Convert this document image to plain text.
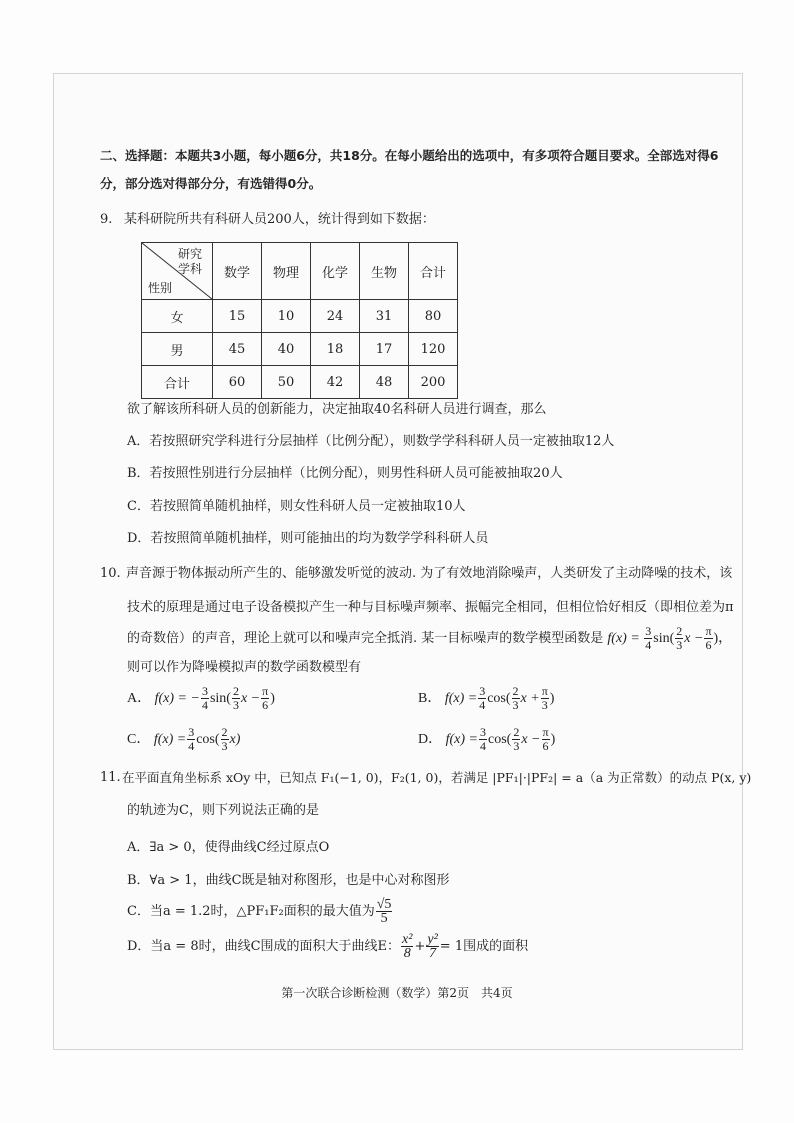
二、选择题：本题共3小题，每小题6分，共18分。在每小题给出的选项中，有多项符合题目要求。全部选对得6
分，部分选对得部分分，有选错得0分。
9. 某科研院所共有科研人员200人，统计得到如下数据：
研究
学科
性别	数学	物理	化学	生物	合计
女	15	10	24	31	80
男	45	40	18	17	120
合计	60	50	42	48	200
欲了解该所科研人员的创新能力，决定抽取40名科研人员进行调查，那么
A．若按照研究学科进行分层抽样（比例分配），则数学学科科研人员一定被抽取12人
B．若按照性别进行分层抽样（比例分配），则男性科研人员可能被抽取20人
C．若按照简单随机抽样，则女性科研人员一定被抽取10人
D．若按照简单随机抽样，则可能抽出的均为数学学科科研人员
10. 声音源于物体振动所产生的、能够激发听觉的波动. 为了有效地消除噪声，人类研发了主动降噪的技术，该
技术的原理是通过电子设备模拟产生一种与目标噪声频率、振幅完全相同，但相位恰好相反（即相位差为π
的奇数倍）的声音，理论上就可以和噪声完全抵消. 某一目标噪声的数学模型函数是 $f(x) = \frac{3}{4} \sin( \frac{2}{3}$ $x - \frac{\pi}{6}$ )，
则可以作为降噪模拟声的数学函数模型有
A． f(x) = − $\frac{3}{4} \sin( \frac{2}{3}$ $x - \frac{\pi}{6}$ )	B． $f(x) = \frac{3}{4} \cos( \frac{2}{3}$ $x + \frac{\pi}{3}$ )
C． $f(x) = \frac{3}{4} \cos( \frac{2}{3} x)$	D． $f(x) = \frac{3}{4} \cos( \frac{2}{3}$ $x - \frac{\pi}{6}$ )
11. 在平面直角坐标系 xOy 中，已知点 F₁(−1, 0)，F₂(1, 0)，若满足 |PF₁|·|PF₂| = a（a 为正常数）的动点 P(x, y)
的轨迹为C，则下列说法正确的是
A．∃a > 0，使得曲线C经过原点O
B．∀a > 1，曲线C既是轴对称图形，也是中心对称图形
C．当a = 1.2时，△PF₁F₂面积的最大值为 $\frac{√5}{5}$
D．当a = 8时，曲线C围成的面积大于曲线E： $\frac{\text{x²}}{8} + \frac{\text{y²}}{7} = 1$围成的面积
第一次联合诊断检测（数学）第2页　共4页
